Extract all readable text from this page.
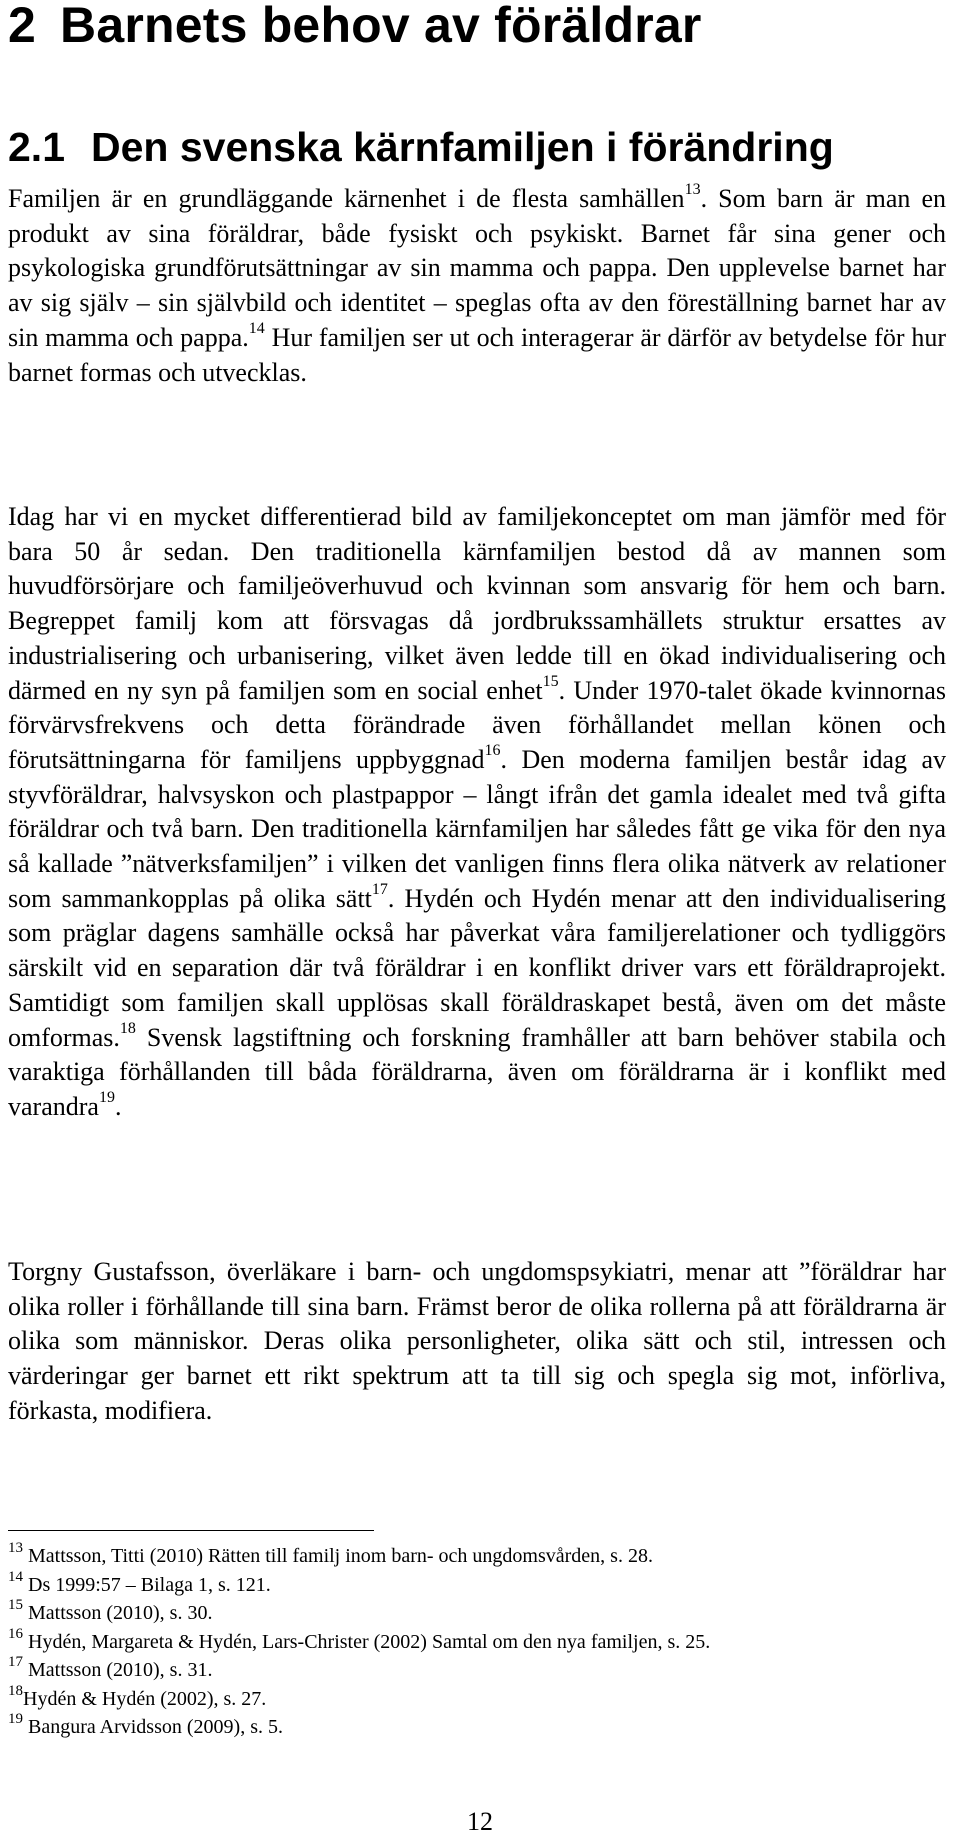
2 Barnets behov av föräldrar
2.1 Den svenska kärnfamiljen i förändring

Familjen är en grundläggande kärnenhet i de flesta samhällen$^{13}$. Som barn är man en produkt av sina föräldrar, både fysiskt och psykiskt. Barnet får sina gener och psykologiska grundförutsättningar av sin mamma och pappa. Den upplevelse barnet har av sig själv – sin självbild och identitet – speglas ofta av den föreställning barnet har av sin mamma och pappa.$^{14}$ Hur familjen ser ut och interagerar är därför av betydelse för hur barnet formas och utvecklas.

Idag har vi en mycket differentierad bild av familjekonceptet om man jämför med för bara 50 år sedan. Den traditionella kärnfamiljen bestod då av mannen som huvudförsörjare och familjeöverhuvud och kvinnan som ansvarig för hem och barn. Begreppet familj kom att försvagas då jordbrukssamhällets struktur ersattes av industrialisering och urbanisering, vilket även ledde till en ökad individualisering och därmed en ny syn på familjen som en social enhet$^{15}$. Under 1970-talet ökade kvinnornas förvärvsfrekvens och detta förändrade även förhållandet mellan könen och förutsättningarna för familjens uppbyggnad$^{16}$. Den moderna familjen består idag av styvföräldrar, halvsyskon och plastpappor – långt ifrån det gamla idealet med två gifta föräldrar och två barn. Den traditionella kärnfamiljen har således fått ge vika för den nya så kallade ”nätverksfamiljen” i vilken det vanligen finns flera olika nätverk av relationer som sammankopplas på olika sätt$^{17}$. Hydén och Hydén menar att den individualisering som präglar dagens samhälle också har påverkat våra familjerelationer och tydliggörs särskilt vid en separation där två föräldrar i en konflikt driver vars ett föräldraprojekt. Samtidigt som familjen skall upplösas skall föräldraskapet bestå, även om det måste omformas.$^{18}$ Svensk lagstiftning och forskning framhåller att barn behöver stabila och varaktiga förhållanden till båda föräldrarna, även om föräldrarna är i konflikt med varandra$^{19}$.

Torgny Gustafsson, överläkare i barn- och ungdomspsykiatri, menar att ”föräldrar har olika roller i förhållande till sina barn. Främst beror de olika rollerna på att föräldrarna är olika som människor. Deras olika personligheter, olika sätt och stil, intressen och värderingar ger barnet ett rikt spektrum att ta till sig och spegla sig mot, införliva, förkasta, modifiera.

$^{13}$ Mattsson, Titti (2010) Rätten till familj inom barn- och ungdomsvården, s. 28.
$^{14}$ Ds 1999:57 – Bilaga 1, s. 121.
$^{15}$ Mattsson (2010), s. 30.
$^{16}$ Hydén, Margareta & Hydén, Lars-Christer (2002) Samtal om den nya familjen, s. 25.
$^{17}$ Mattsson (2010), s. 31.
$^{18}$Hydén & Hydén (2002), s. 27.
$^{19}$ Bangura Arvidsson (2009), s. 5.
12
